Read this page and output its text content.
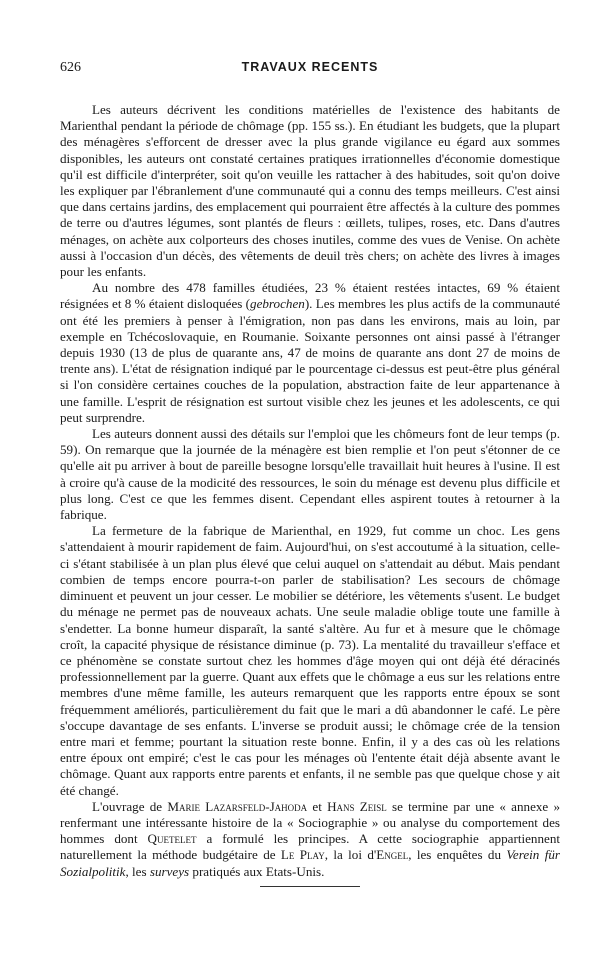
626	TRAVAUX RECENTS

Les auteurs décrivent les conditions matérielles de l'existence des habitants de Marienthal pendant la période de chômage (pp. 155 ss.). En étudiant les budgets, que la plupart des ménagères s'efforcent de dresser avec la plus grande vigilance eu égard aux sommes disponibles, les auteurs ont constaté certaines pratiques irrationnelles d'économie domestique qu'il est difficile d'interpréter, soit qu'on veuille les rattacher à des habitudes, soit qu'on doive les expliquer par l'ébranlement d'une communauté qui a connu des temps meilleurs. C'est ainsi que dans certains jardins, des emplacement qui pourraient être affectés à la culture des pommes de terre ou d'autres légumes, sont plantés de fleurs : œillets, tulipes, roses, etc. Dans d'autres ménages, on achète aux colporteurs des choses inutiles, comme des vues de Venise. On achète aussi à l'occasion d'un décès, des vêtements de deuil très chers; on achète des livres à images pour les enfants.

Au nombre des 478 familles étudiées, 23 % étaient restées intactes, 69 % étaient résignées et 8 % étaient disloquées (gebrochen). Les membres les plus actifs de la communauté ont été les premiers à penser à l'émigration, non pas dans les environs, mais au loin, par exemple en Tchécoslovaquie, en Roumanie. Soixante personnes ont ainsi passé à l'étranger depuis 1930 (13 de plus de quarante ans, 47 de moins de quarante ans dont 27 de moins de trente ans). L'état de résignation indiqué par le pourcentage ci-dessus est peut-être plus général si l'on considère certaines couches de la population, abstraction faite de leur appartenance à une famille. L'esprit de résignation est surtout visible chez les jeunes et les adolescents, ce qui peut surprendre.

Les auteurs donnent aussi des détails sur l'emploi que les chômeurs font de leur temps (p. 59). On remarque que la journée de la ménagère est bien remplie et l'on peut s'étonner de ce qu'elle ait pu arriver à bout de pareille besogne lorsqu'elle travaillait huit heures à l'usine. Il est à croire qu'à cause de la modicité des ressources, le soin du ménage est devenu plus difficile et plus long. C'est ce que les femmes disent. Cependant elles aspirent toutes à retourner à la fabrique.

La fermeture de la fabrique de Marienthal, en 1929, fut comme un choc. Les gens s'attendaient à mourir rapidement de faim. Aujourd'hui, on s'est accoutumé à la situation, celle-ci s'étant stabilisée à un plan plus élevé que celui auquel on s'attendait au début. Mais pendant combien de temps encore pourra-t-on parler de stabilisation? Les secours de chômage diminuent et peuvent un jour cesser. Le mobilier se détériore, les vêtements s'usent. Le budget du ménage ne permet pas de nouveaux achats. Une seule maladie oblige toute une famille à s'endetter. La bonne humeur disparaît, la santé s'altère. Au fur et à mesure que le chômage croît, la capacité physique de résistance diminue (p. 73). La mentalité du travailleur s'efface et ce phénomène se constate surtout chez les hommes d'âge moyen qui ont déjà été déracinés professionnellement par la guerre. Quant aux effets que le chômage a eus sur les relations entre membres d'une même famille, les auteurs remarquent que les rapports entre époux se sont fréquemment améliorés, particulièrement du fait que le mari a dû abandonner le café. Le père s'occupe davantage de ses enfants. L'inverse se produit aussi; le chômage crée de la tension entre mari et femme; pourtant la situation reste bonne. Enfin, il y a des cas où les relations entre époux ont empiré; c'est le cas pour les ménages où l'entente était déjà absente avant le chômage. Quant aux rapports entre parents et enfants, il ne semble pas que quelque chose y ait été changé.

L'ouvrage de Marie Lazarsfeld-Jahoda et Hans Zeisl se termine par une « annexe » renfermant une intéressante histoire de la « Sociographie » ou analyse du comportement des hommes dont Quetelet a formulé les principes. A cette sociographie appartiennent naturellement la méthode budgétaire de Le Play, la loi d'Engel, les enquêtes du Verein für Sozialpolitik, les surveys pratiqués aux Etats-Unis.
